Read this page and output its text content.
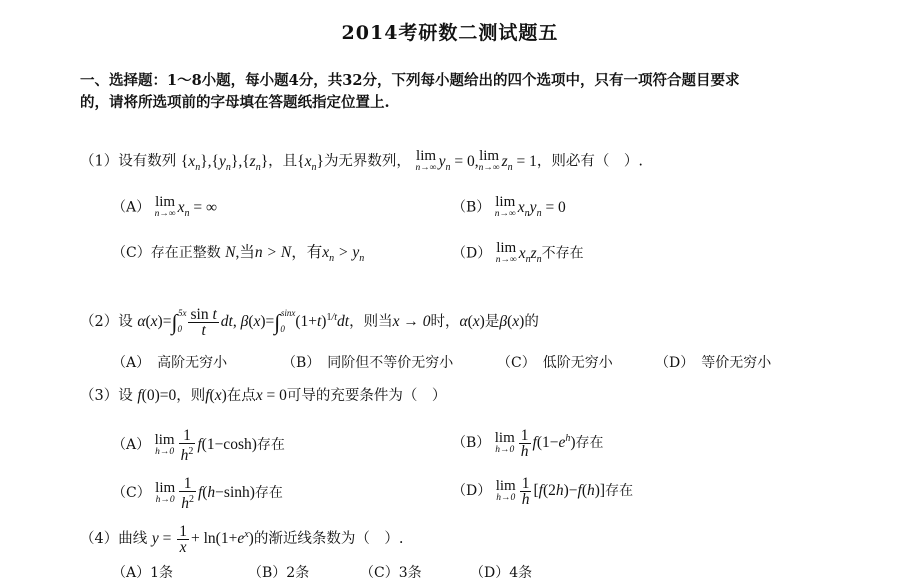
2014考研数二测试题五
一、选择题：1～8小题，每小题4分，共32分，下列每小题给出的四个选项中，只有一项符合题目要求
的，请将所选项前的字母填在答题纸指定位置上.
（1）设有数列 $\{x_n\},\{y_n\},\{z_n\}$，且$\{x_n\}$为无界数列， lim
n→∞ $y_n = 0$, lim
n→∞ $z_n = 1$，则必有（　）.
（A） lim
n→∞ $x_n$ = ∞	（B） lim
n→∞ $x_ny_n = 0$
（C）存在正整数 N,当n > N，有$x_n > y_n$	（D） lim
n→∞ $x_nz_n$不存在
（2）设 $\alpha(x)=\int_0^{5x} \frac{\text{sin t}}{t}$ dt, $\beta(x)=\int_0^{sinx}(1+t)^{1/t}dt$，则当x → 0时，α(x)是β(x)的
（A）　高阶无穷小	（B）　同阶但不等价无穷小	（C）　低阶无穷小	（D）　等价无穷小
（3）设 f(0)=0，则f(x)在点x = 0可导的充要条件为（　）
（A） lim
$h\to 0 \frac{1}{h^2} f(1-\cosh)$存在	（B） lim
$h\to 0 \frac{1}{h} f(1-e^h)$存在
（C） lim
$h\to 0 \frac{1}{h^2} f(h-\sinh)$存在	（D） lim
$h\to 0 \frac{1}{h} [f(2h)-f(h)]$存在
（4）曲线 $y = \frac{1}{x} + \ln(1+e^x)$的渐近线条数为（　）.
（A）1条	（B）2条	（C）3条	（D）4条
